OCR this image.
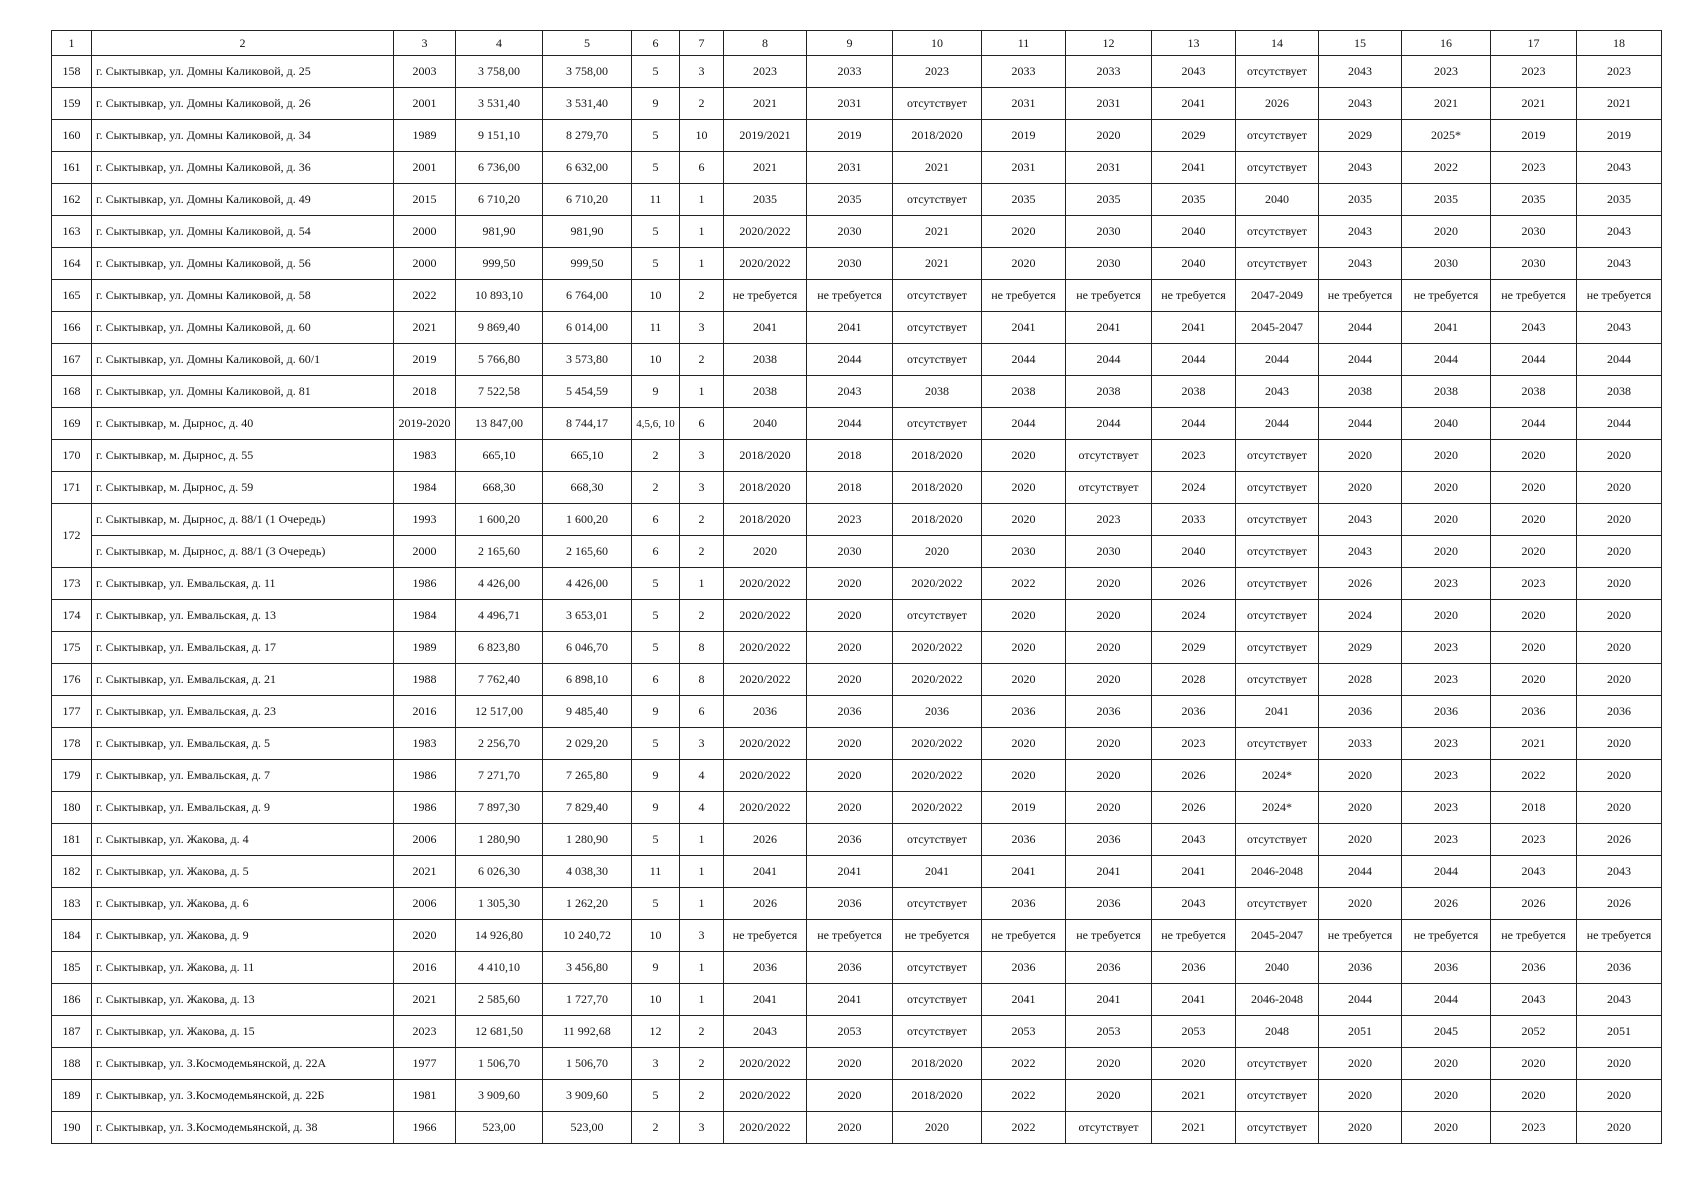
1	2	3	4	5	6	7	8	9	10	11	12	13	14	15	16	17	18
158	г. Сыктывкар, ул. Домны Каликовой, д. 25	2003	3 758,00	3 758,00	5	3	2023	2033	2023	2033	2033	2043	отсутствует	2043	2023	2023	2023
159	г. Сыктывкар, ул. Домны Каликовой, д. 26	2001	3 531,40	3 531,40	9	2	2021	2031	отсутствует	2031	2031	2041	2026	2043	2021	2021	2021
160	г. Сыктывкар, ул. Домны Каликовой, д. 34	1989	9 151,10	8 279,70	5	10	2019/2021	2019	2018/2020	2019	2020	2029	отсутствует	2029	2025*	2019	2019
161	г. Сыктывкар, ул. Домны Каликовой, д. 36	2001	6 736,00	6 632,00	5	6	2021	2031	2021	2031	2031	2041	отсутствует	2043	2022	2023	2043
162	г. Сыктывкар, ул. Домны Каликовой, д. 49	2015	6 710,20	6 710,20	11	1	2035	2035	отсутствует	2035	2035	2035	2040	2035	2035	2035	2035
163	г. Сыктывкар, ул. Домны Каликовой, д. 54	2000	981,90	981,90	5	1	2020/2022	2030	2021	2020	2030	2040	отсутствует	2043	2020	2030	2043
164	г. Сыктывкар, ул. Домны Каликовой, д. 56	2000	999,50	999,50	5	1	2020/2022	2030	2021	2020	2030	2040	отсутствует	2043	2030	2030	2043
165	г. Сыктывкар, ул. Домны Каликовой, д. 58	2022	10 893,10	6 764,00	10	2	не требуется	не требуется	отсутствует	не требуется	не требуется	не требуется	2047-2049	не требуется	не требуется	не требуется	не требуется
166	г. Сыктывкар, ул. Домны Каликовой, д. 60	2021	9 869,40	6 014,00	11	3	2041	2041	отсутствует	2041	2041	2041	2045-2047	2044	2041	2043	2043
167	г. Сыктывкар, ул. Домны Каликовой, д. 60/1	2019	5 766,80	3 573,80	10	2	2038	2044	отсутствует	2044	2044	2044	2044	2044	2044	2044	2044
168	г. Сыктывкар, ул. Домны Каликовой, д. 81	2018	7 522,58	5 454,59	9	1	2038	2043	2038	2038	2038	2038	2043	2038	2038	2038	2038
169	г. Сыктывкар, м. Дырнос, д. 40	2019-2020	13 847,00	8 744,17	4,5,6, 10	6	2040	2044	отсутствует	2044	2044	2044	2044	2044	2040	2044	2044
170	г. Сыктывкар, м. Дырнос, д. 55	1983	665,10	665,10	2	3	2018/2020	2018	2018/2020	2020	отсутствует	2023	отсутствует	2020	2020	2020	2020
171	г. Сыктывкар, м. Дырнос, д. 59	1984	668,30	668,30	2	3	2018/2020	2018	2018/2020	2020	отсутствует	2024	отсутствует	2020	2020	2020	2020
172	г. Сыктывкар, м. Дырнос, д. 88/1 (1 Очередь)	1993	1 600,20	1 600,20	6	2	2018/2020	2023	2018/2020	2020	2023	2033	отсутствует	2043	2020	2020	2020
	г. Сыктывкар, м. Дырнос, д. 88/1 (3 Очередь)	2000	2 165,60	2 165,60	6	2	2020	2030	2020	2030	2030	2040	отсутствует	2043	2020	2020	2020
173	г. Сыктывкар, ул. Емвальская, д. 11	1986	4 426,00	4 426,00	5	1	2020/2022	2020	2020/2022	2022	2020	2026	отсутствует	2026	2023	2023	2020
174	г. Сыктывкар, ул. Емвальская, д. 13	1984	4 496,71	3 653,01	5	2	2020/2022	2020	отсутствует	2020	2020	2024	отсутствует	2024	2020	2020	2020
175	г. Сыктывкар, ул. Емвальская, д. 17	1989	6 823,80	6 046,70	5	8	2020/2022	2020	2020/2022	2020	2020	2029	отсутствует	2029	2023	2020	2020
176	г. Сыктывкар, ул. Емвальская, д. 21	1988	7 762,40	6 898,10	6	8	2020/2022	2020	2020/2022	2020	2020	2028	отсутствует	2028	2023	2020	2020
177	г. Сыктывкар, ул. Емвальская, д. 23	2016	12 517,00	9 485,40	9	6	2036	2036	2036	2036	2036	2036	2041	2036	2036	2036	2036
178	г. Сыктывкар, ул. Емвальская, д. 5	1983	2 256,70	2 029,20	5	3	2020/2022	2020	2020/2022	2020	2020	2023	отсутствует	2033	2023	2021	2020
179	г. Сыктывкар, ул. Емвальская, д. 7	1986	7 271,70	7 265,80	9	4	2020/2022	2020	2020/2022	2020	2020	2026	2024*	2020	2023	2022	2020
180	г. Сыктывкар, ул. Емвальская, д. 9	1986	7 897,30	7 829,40	9	4	2020/2022	2020	2020/2022	2019	2020	2026	2024*	2020	2023	2018	2020
181	г. Сыктывкар, ул. Жакова, д. 4	2006	1 280,90	1 280,90	5	1	2026	2036	отсутствует	2036	2036	2043	отсутствует	2020	2023	2023	2026
182	г. Сыктывкар, ул. Жакова, д. 5	2021	6 026,30	4 038,30	11	1	2041	2041	2041	2041	2041	2041	2046-2048	2044	2044	2043	2043
183	г. Сыктывкар, ул. Жакова, д. 6	2006	1 305,30	1 262,20	5	1	2026	2036	отсутствует	2036	2036	2043	отсутствует	2020	2026	2026	2026
184	г. Сыктывкар, ул. Жакова, д. 9	2020	14 926,80	10 240,72	10	3	не требуется	не требуется	не требуется	не требуется	не требуется	не требуется	2045-2047	не требуется	не требуется	не требуется	не требуется
185	г. Сыктывкар, ул. Жакова, д. 11	2016	4 410,10	3 456,80	9	1	2036	2036	отсутствует	2036	2036	2036	2040	2036	2036	2036	2036
186	г. Сыктывкар, ул. Жакова, д. 13	2021	2 585,60	1 727,70	10	1	2041	2041	отсутствует	2041	2041	2041	2046-2048	2044	2044	2043	2043
187	г. Сыктывкар, ул. Жакова, д. 15	2023	12 681,50	11 992,68	12	2	2043	2053	отсутствует	2053	2053	2053	2048	2051	2045	2052	2051
188	г. Сыктывкар, ул. З.Космодемьянской, д. 22А	1977	1 506,70	1 506,70	3	2	2020/2022	2020	2018/2020	2022	2020	2020	отсутствует	2020	2020	2020	2020
189	г. Сыктывкар, ул. З.Космодемьянской, д. 22Б	1981	3 909,60	3 909,60	5	2	2020/2022	2020	2018/2020	2022	2020	2021	отсутствует	2020	2020	2020	2020
190	г. Сыктывкар, ул. З.Космодемьянской, д. 38	1966	523,00	523,00	2	3	2020/2022	2020	2020	2022	отсутствует	2021	отсутствует	2020	2020	2023	2020
